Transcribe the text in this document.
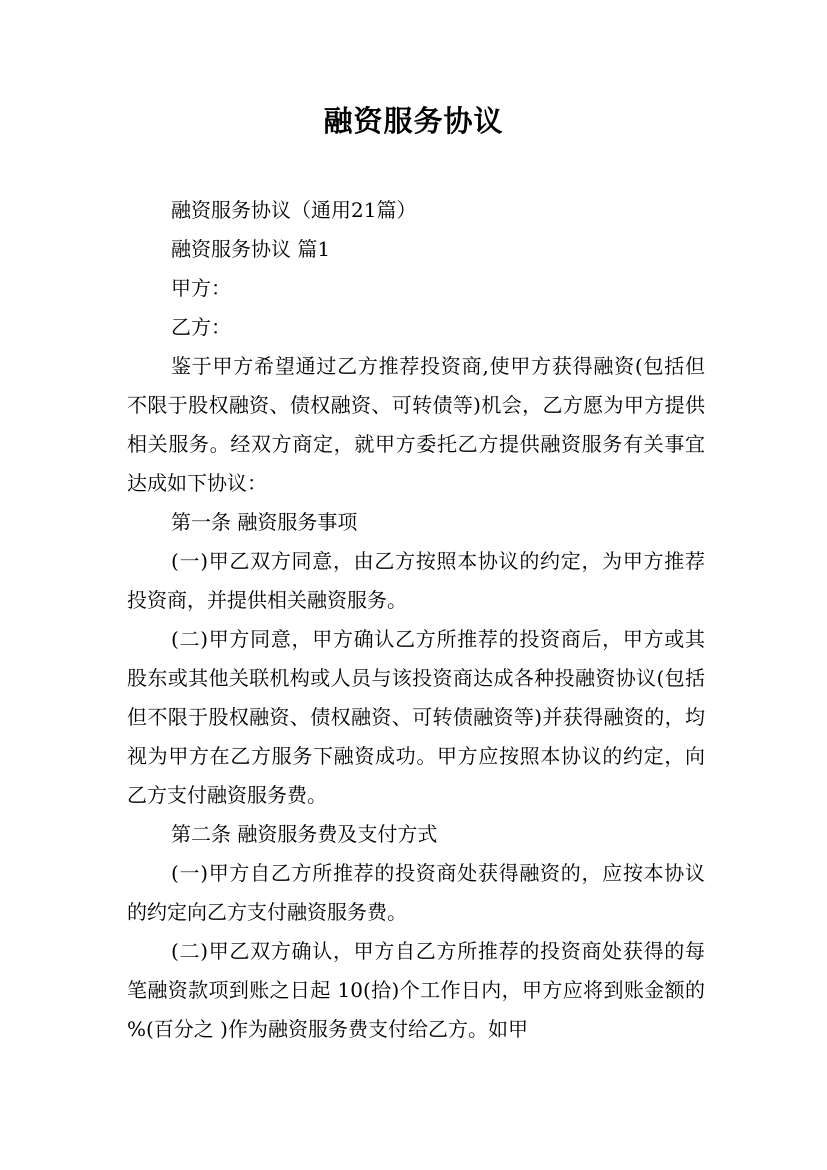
融资服务协议

融资服务协议（通用21篇）

融资服务协议 篇1

甲方：

乙方：

鉴于甲方希望通过乙方推荐投资商,使甲方获得融资(包括但不限于股权融资、债权融资、可转债等)机会，乙方愿为甲方提供相关服务。经双方商定，就甲方委托乙方提供融资服务有关事宜达成如下协议：

第一条 融资服务事项

(一)甲乙双方同意，由乙方按照本协议的约定，为甲方推荐投资商，并提供相关融资服务。

(二)甲方同意，甲方确认乙方所推荐的投资商后，甲方或其股东或其他关联机构或人员与该投资商达成各种投融资协议(包括但不限于股权融资、债权融资、可转债融资等)并获得融资的，均视为甲方在乙方服务下融资成功。甲方应按照本协议的约定，向乙方支付融资服务费。

第二条 融资服务费及支付方式

(一)甲方自乙方所推荐的投资商处获得融资的，应按本协议的约定向乙方支付融资服务费。

(二)甲乙双方确认，甲方自乙方所推荐的投资商处获得的每笔融资款项到账之日起 10(拾)个工作日内，甲方应将到账金额的 %(百分之 )作为融资服务费支付给乙方。如甲
